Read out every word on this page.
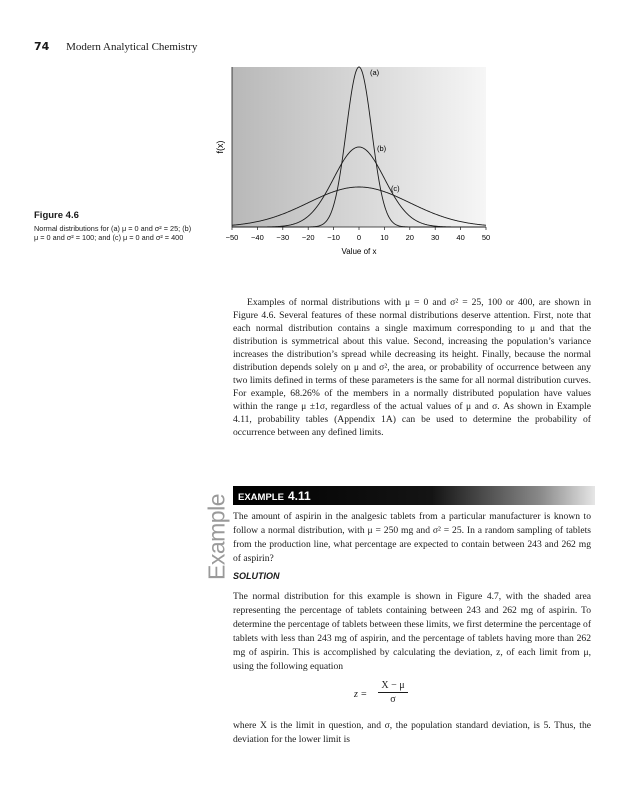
74 Modern Analytical Chemistry
Figure 4.6
Normal distributions for (a) μ = 0 and σ² = 25; (b) μ = 0 and σ² = 100; and (c) μ = 0 and σ² = 400
f(x)
Value of x
−50 −40 −30 −20 −10 0	10 20 30 40 50
(a)
(b)
(c)

Examples of normal distributions with μ = 0 and σ² = 25, 100 or 400, are shown in Figure 4.6. Several features of these normal distributions deserve attention. First, note that each normal distribution contains a single maximum corresponding to μ and that the distribution is symmetrical about this value. Second, increasing the population’s variance increases the distribution’s spread while decreasing its height. Finally, because the normal distribution depends solely on μ and σ², the area, or probability of occurrence between any two limits defined in terms of these parameters is the same for all normal distribution curves. For example, 68.26% of the members in a normally distributed population have values within the range μ ±1σ, regardless of the actual values of μ and σ. As shown in Example 4.11, probability tables (Appendix 1A) can be used to determine the probability of occurrence between any defined limits.

Example EXAMPLE 4.11

The amount of aspirin in the analgesic tablets from a particular manufacturer is known to follow a normal distribution, with μ = 250 mg and σ² = 25. In a random sampling of tablets from the production line, what percentage are expected to contain between 243 and 262 mg of aspirin?

SOLUTION

The normal distribution for this example is shown in Figure 4.7, with the shaded area representing the percentage of tablets containing between 243 and 262 mg of aspirin. To determine the percentage of tablets between these limits, we first determine the percentage of tablets with less than 243 mg of aspirin, and the percentage of tablets having more than 262 mg of aspirin. This is accomplished by calculating the deviation, z, of each limit from μ, using the following equation

$z = \frac{X - \mu}{\sigma}$

where X is the limit in question, and σ, the population standard deviation, is 5. Thus, the deviation for the lower limit is
